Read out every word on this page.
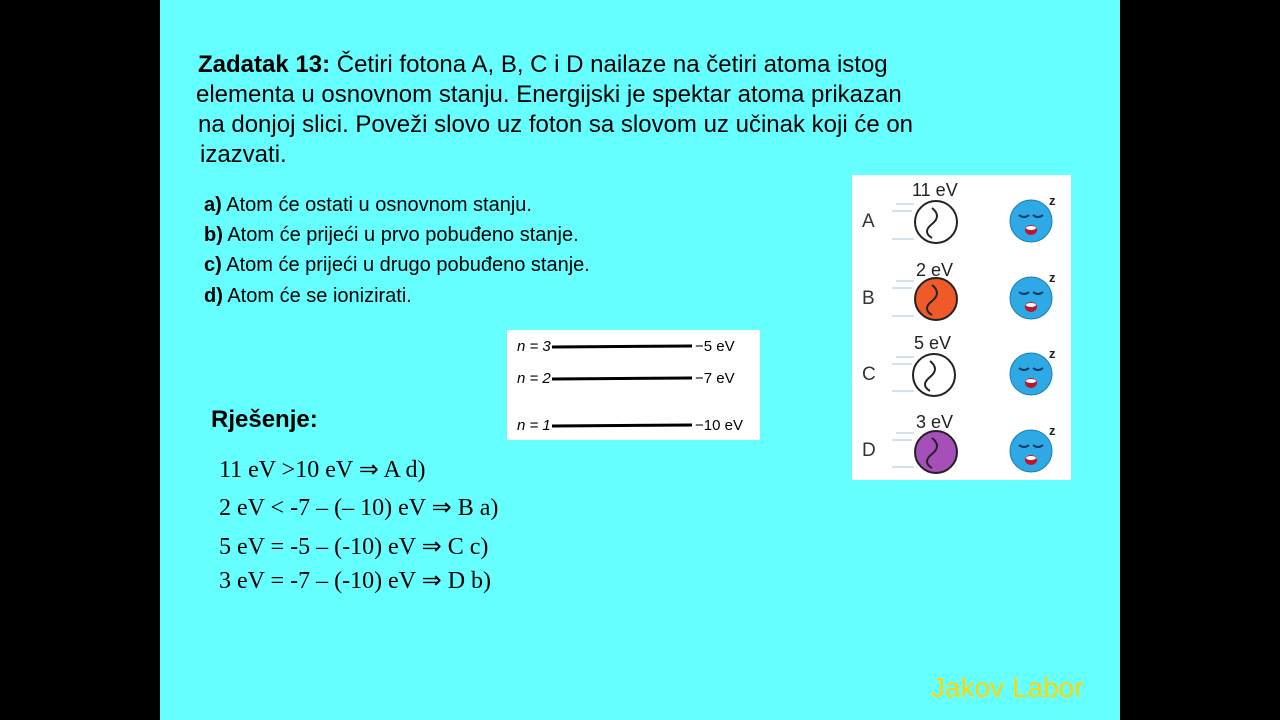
Zadatak 13: Četiri fotona A, B, C i D nailaze na četiri atoma istog
elementa u osnovnom stanju. Energijski je spektar atoma prikazan
na donjoj slici. Poveži slovo uz foton sa slovom uz učinak koji će on
izazvati.
a) Atom će ostati u osnovnom stanju.
b) Atom će prijeći u prvo pobuđeno stanje.
c) Atom će prijeći u drugo pobuđeno stanje.
d) Atom će se ionizirati.
n = 3
n = 2
n = 1
−5 eV
−7 eV
−10 eV
z
z
z
z
11 eV
A
2 eV
B
5 eV
C
3 eV
D
Rješenje:
11 eV >10 eV ⇒ A d)
2 eV < -7 – (– 10) eV ⇒ B a)
5 eV = -5 – (-10) eV ⇒ C c)
3 eV = -7 – (-10) eV ⇒ D b)
Jakov Labor
